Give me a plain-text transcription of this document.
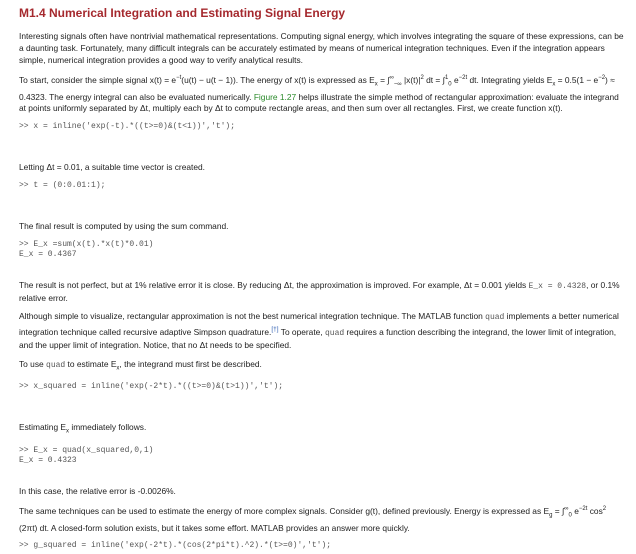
M1.4 Numerical Integration and Estimating Signal Energy

Interesting signals often have nontrivial mathematical representations. Computing signal energy, which involves integrating the square of these expressions, can be a daunting task. Fortunately, many difficult integrals can be accurately estimated by means of numerical integration techniques. Even if the integration appears simple, numerical integration provides a good way to verify analytical results.

To start, consider the simple signal $x(t) = e^{-t}(u(t) - u(t - 1))$. The energy of x(t) is expressed as $E_x = \int^\infty_{-\infty}$ $|x(t)|^2$ dt = ∫$^1_0$ $e^{-2t}$ dt. Integrating yields $E_x = 0.5(1 - e^{-2}) \approx 0.4323$. The energy integral can also be evaluated numerically. Figure 1.27 helps illustrate the simple method of rectangular approximation: evaluate the integrand at points uniformly separated by Δt, multiply each by Δt to compute rectangle areas, and then sum over all rectangles. First, we create function x(t).

>> x = inline('exp(-t).*((t>=0)&(t<1))','t');

Letting Δt = 0.01, a suitable time vector is created.

>> t = (0:0.01:1);

The final result is computed by using the sum command.

>> E_x =sum(x(t).*x(t)*0.01)
E_x = 0.4367

The result is not perfect, but at 1% relative error it is close. By reducing Δt, the approximation is improved. For example, Δt = 0.001 yields E_x = 0.4328, or 0.1% relative error.

Although simple to visualize, rectangular approximation is not the best numerical integration technique. The MATLAB function quad implements a better numerical integration technique called recursive adaptive Simpson quadrature.[†] To operate, quad requires a function describing the integrand, the lower limit of integration, and the upper limit of integration. Notice, that no Δt needs to be specified.

To use quad to estimate $E_x$, the integrand must first be described.

>> x_squared = inline('exp(-2*t).*((t>=0)&(t>1))','t');

Estimating $E_x$ immediately follows.

>> E_x = quad(x_squared,0,1)
E_x = 0.4323

In this case, the relative error is -0.0026%.

The same techniques can be used to estimate the energy of more complex signals. Consider g(t), defined previously. Energy is expressed as $E_g = \int^\infty_0$ $e^{-2t}$ $\cos^2 (2\pi t)$ dt. A closed-form solution exists, but it takes some effort. MATLAB provides an answer more quickly.

>> g_squared = inline('exp(-2*t).*(cos(2*pi*t).^2).*(t>=0)','t');
